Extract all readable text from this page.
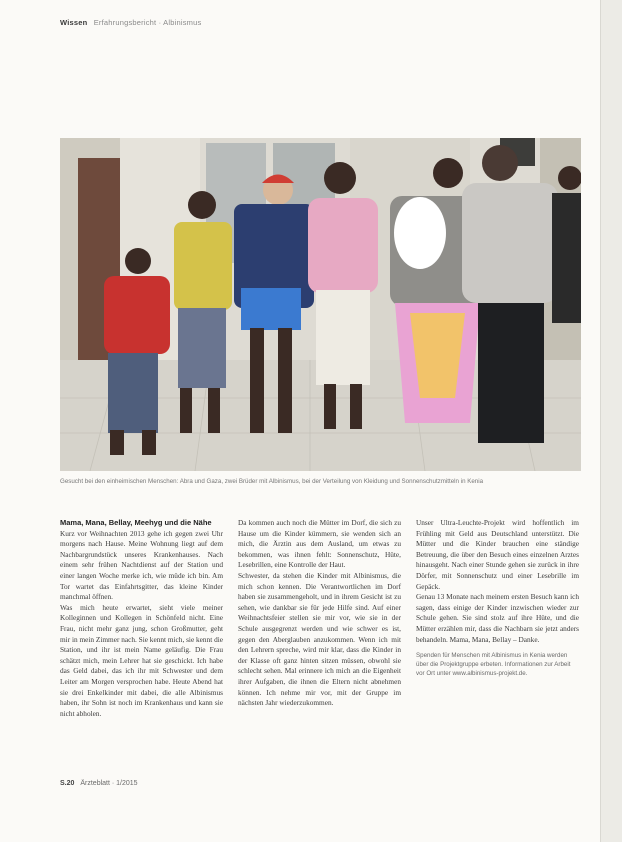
Wissen Erfahrungsbericht · Albinismus
Gesucht bei den einheimischen Menschen: Abra und Gaza, zwei Brüder mit Albinismus, bei der Verteilung von Kleidung und Sonnenschutzmitteln in Kenia
Mama, Mana, Bellay, Meehyg und die Nähe

Kurz vor Weihnachten 2013 gehe ich gegen zwei Uhr morgens nach Hause. Meine Wohnung liegt auf dem Nachbargrundstück unseres Krankenhauses. Nach einem sehr frühen Nachtdienst auf der Station und einer langen Woche merke ich, wie müde ich bin. Am Tor wartet das Einfahrtsgitter, das kleine Kinder manchmal öffnen.

Was mich heute erwartet, sieht viele meiner Kolleginnen und Kollegen in Schönfeld nicht. Eine Frau, nicht mehr ganz jung, schon Großmutter, geht mir in mein Zimmer nach. Sie kennt mich, sie kennt die Station, und ihr ist mein Name geläufig. Die Frau schätzt mich, mein Lehrer hat sie geschickt. Ich habe das Geld dabei, das ich ihr mit Schwester und dem Leiter am Morgen versprochen habe. Heute Abend hat sie drei Enkelkinder mit dabei, die alle Albinismus haben, ihr Sohn ist noch im Krankenhaus und kann sie nicht abholen.

Da kommen auch noch die Mütter im Dorf, die sich zu Hause um die Kinder kümmern, sie wenden sich an mich, die Ärztin aus dem Ausland, um etwas zu bekommen, was ihnen fehlt: Sonnenschutz, Hüte, Lesebrillen, eine Kontrolle der Haut.

Schwester, da stehen die Kinder mit Albinismus, die mich schon kennen. Die Verantwortlichen im Dorf haben sie zusammengeholt, und in ihrem Gesicht ist zu sehen, wie dankbar sie für jede Hilfe sind. Auf einer Weihnachtsfeier stellen sie mir vor, wie sie in der Schule ausgegrenzt werden und wie schwer es ist, gegen den Aberglauben anzukommen. Wenn ich mit den Lehrern spreche, wird mir klar, dass die Kinder in der Klasse oft ganz hinten sitzen müssen, obwohl sie schlecht sehen. Mal erinnere ich mich an die Eigenheit ihrer Aufgaben, die ihnen die Eltern nicht abnehmen können. Ich nehme mir vor, mit der Gruppe im nächsten Jahr wiederzukommen.

Unser Ultra-Leuchte-Projekt wird hoffentlich im Frühling mit Geld aus Deutschland unterstützt. Die Mütter und die Kinder brauchen eine ständige Betreuung, die über den Besuch eines einzelnen Arztes hinausgeht. Nach einer Stunde gehen sie zurück in ihre Dörfer, mit Sonnenschutz und einer Lesebrille im Gepäck.

Genau 13 Monate nach meinem ersten Besuch kann ich sagen, dass einige der Kinder inzwischen wieder zur Schule gehen. Sie sind stolz auf ihre Hüte, und die Mütter erzählen mir, dass die Nachbarn sie jetzt anders behandeln. Mama, Mana, Bellay – Danke.

Spenden für Menschen mit Albinismus in Kenia werden über die Projektgruppe erbeten. Informationen zur Arbeit vor Ort unter www.albinismus-projekt.de.
S.20 Ärzteblatt · 1/2015
